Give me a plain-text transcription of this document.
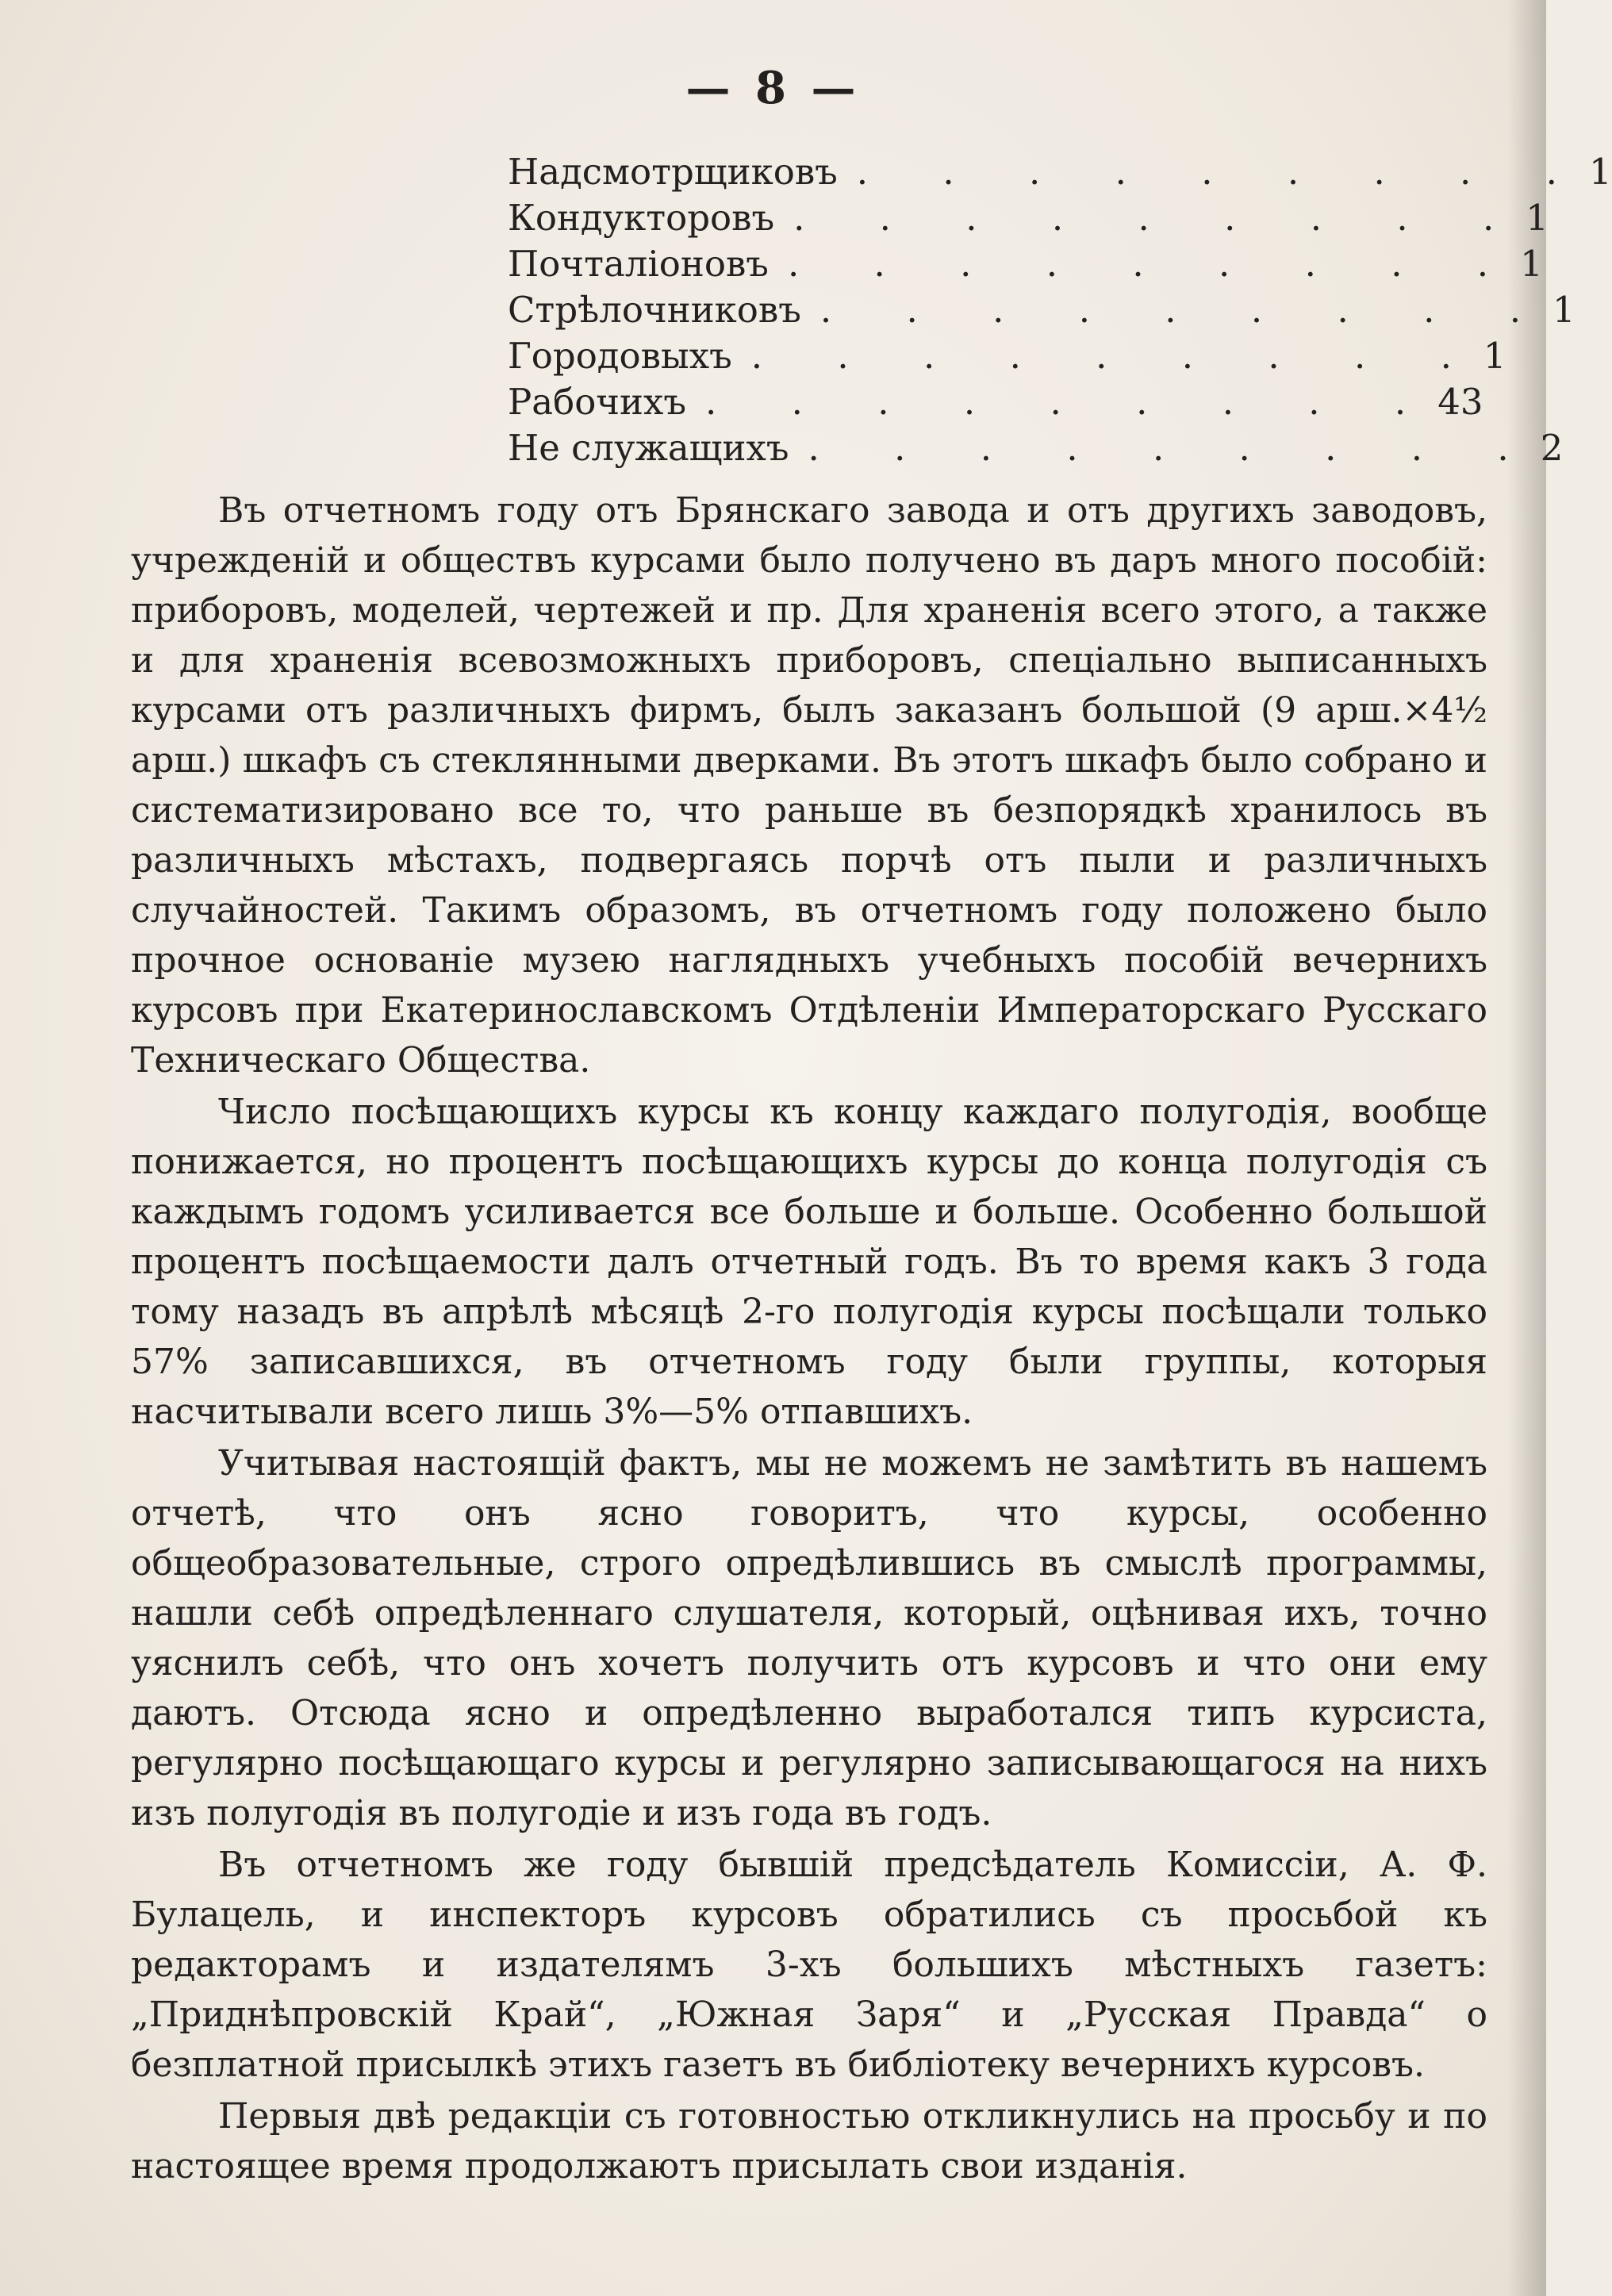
— 8 —
Надсмотрщиковъ . . . . . . . . . 1
Кондукторовъ . . . . . . . . . 1
Почталіоновъ . . . . . . . . . 1
Стрѣлочниковъ . . . . . . . . . 1
Городовыхъ . . . . . . . . . 1
Рабочихъ . . . . . . . . . 43
Не служащихъ . . . . . . . . . 2

Въ отчетномъ году отъ Брянскаго завода и отъ другихъ заводовъ, учрежденій и обществъ курсами было получено въ даръ много пособій: приборовъ, моделей, чертежей и пр. Для храненія всего этого, а также и для храненія всевозможныхъ приборовъ, спеціально выписанныхъ курсами отъ различныхъ фирмъ, былъ заказанъ большой (9 арш.×4½ арш.) шкафъ съ стеклянными дверками. Въ этотъ шкафъ было собрано и систематизировано все то, что раньше въ безпорядкѣ хранилось въ различныхъ мѣстахъ, подвергаясь порчѣ отъ пыли и различныхъ случайностей. Такимъ образомъ, въ отчетномъ году положено было прочное основаніе музею наглядныхъ учебныхъ пособій вечернихъ курсовъ при Екатеринославскомъ Отдѣленіи Императорскаго Русскаго Техническаго Общества.

Число посѣщающихъ курсы къ концу каждаго полугодія, вообще понижается, но процентъ посѣщающихъ курсы до конца полугодія съ каждымъ годомъ усиливается все больше и больше. Особенно большой процентъ посѣщаемости далъ отчетный годъ. Въ то время какъ 3 года тому назадъ въ апрѣлѣ мѣсяцѣ 2-го полугодія курсы посѣщали только 57% записавшихся, въ отчетномъ году были группы, которыя насчитывали всего лишь 3%—5% отпавшихъ.

Учитывая настоящій фактъ, мы не можемъ не замѣтить въ нашемъ отчетѣ, что онъ ясно говоритъ, что курсы, особенно общеобразовательные, строго опредѣлившись въ смыслѣ программы, нашли себѣ опредѣленнаго слушателя, который, оцѣнивая ихъ, точно уяснилъ себѣ, что онъ хочетъ получить отъ курсовъ и что они ему даютъ. Отсюда ясно и опредѣленно выработался типъ курсиста, регулярно посѣщающаго курсы и регулярно записывающагося на нихъ изъ полугодія въ полугодіе и изъ года въ годъ.

Въ отчетномъ же году бывшій предсѣдатель Комиссіи, А. Ф. Булацель, и инспекторъ курсовъ обратились съ просьбой къ редакторамъ и издателямъ 3-хъ большихъ мѣстныхъ газетъ: „Приднѣпровскій Край“, „Южная Заря“ и „Русская Правда“ о безплатной присылкѣ этихъ газетъ въ библіотеку вечернихъ курсовъ.

Первыя двѣ редакціи съ готовностью откликнулись на просьбу и по настоящее время продолжаютъ присылать свои изданія.
